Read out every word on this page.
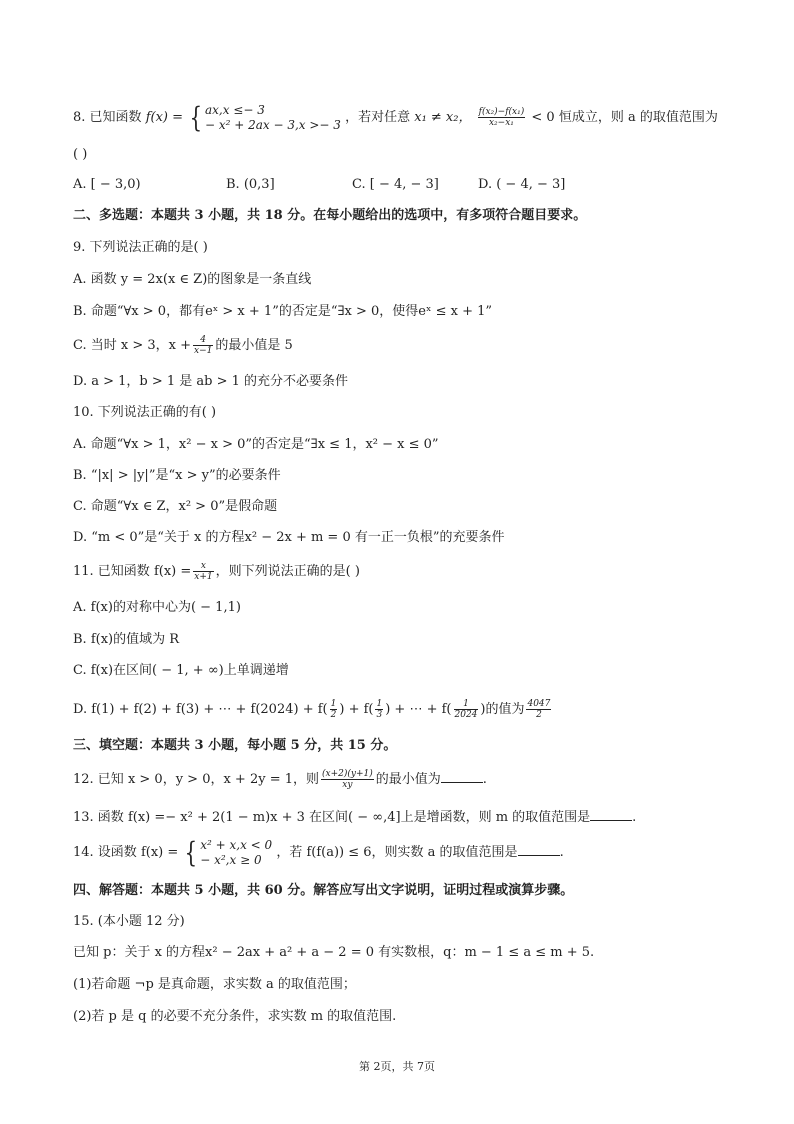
8. 已知函数 f(x) = { ax,x ≤− 3
− x² + 2ax − 3,x >− 3 ，若对任意 x₁ ≠ x₂， $\frac{\text{f(x₂)−f(x₁)}}{\text{x₂−x₁}} < 0$ 恒成立，则 a 的取值范围为
( )
A. [ − 3,0)	B. (0,3]	C. [ − 4, − 3]	D. ( − 4, − 3]
二、多选题：本题共 3 小题，共 18 分。在每小题给出的选项中，有多项符合题目要求。
9. 下列说法正确的是( )
A. 函数 y = 2x(x ∈ Z)的图象是一条直线
B. 命题“∀x > 0，都有eˣ > x + 1”的否定是“∃x > 0，使得eˣ ≤ x + 1”
C. 当时 x > 3，$x + \frac{4}{x-1}$ 的最小值是 5
D. a > 1，b > 1 是 ab > 1 的充分不必要条件
10. 下列说法正确的有( )
A. 命题“∀x > 1，x² − x > 0”的否定是“∃x ≤ 1，x² − x ≤ 0”
B. “|x| > |y|”是“x > y”的必要条件
C. 命题“∀x ∈ Z，x² > 0”是假命题
D. “m < 0”是“关于 x 的方程x² − 2x + m = 0 有一正一负根”的充要条件
11. 已知函数 $f(x) = \frac{x}{x+1}$ ，则下列说法正确的是( )
A. f(x)的对称中心为( − 1,1)
B. f(x)的值域为 R
C. f(x)在区间( − 1, + ∞)上单调递增
D. f(1) + f(2) + f(3) + ⋯ + $f(2024) + f( \frac{1}{2}$ ) + $f( \frac{1}{3}$ ) + ⋯ + $f( \frac{1}{2024}$ )的值为 $\frac{4047}{2}$
三、填空题：本题共 3 小题，每小题 5 分，共 15 分。
12. 已知 x > 0，y > 0，x + 2y = 1，则 $\frac{(x+2)(y+1)}{xy}$ 的最小值为	.
13. 函数 f(x) =− x² + 2(1 − m)x + 3 在区间( − ∞,4]上是增函数，则 m 的取值范围是	.
14. 设函数 f(x) = { x² + x,x < 0
− x²,x ≥ 0	，若 f(f(a)) ≤ 6，则实数 a 的取值范围是	.
四、解答题：本题共 5 小题，共 60 分。解答应写出文字说明，证明过程或演算步骤。
15. (本小题 12 分)
已知 p：关于 x 的方程x² − 2ax + a² + a − 2 = 0 有实数根，q：m − 1 ≤ a ≤ m + 5.
(1)若命题 ¬p 是真命题，求实数 a 的取值范围；
(2)若 p 是 q 的必要不充分条件，求实数 m 的取值范围.
第 2页，共 7页
